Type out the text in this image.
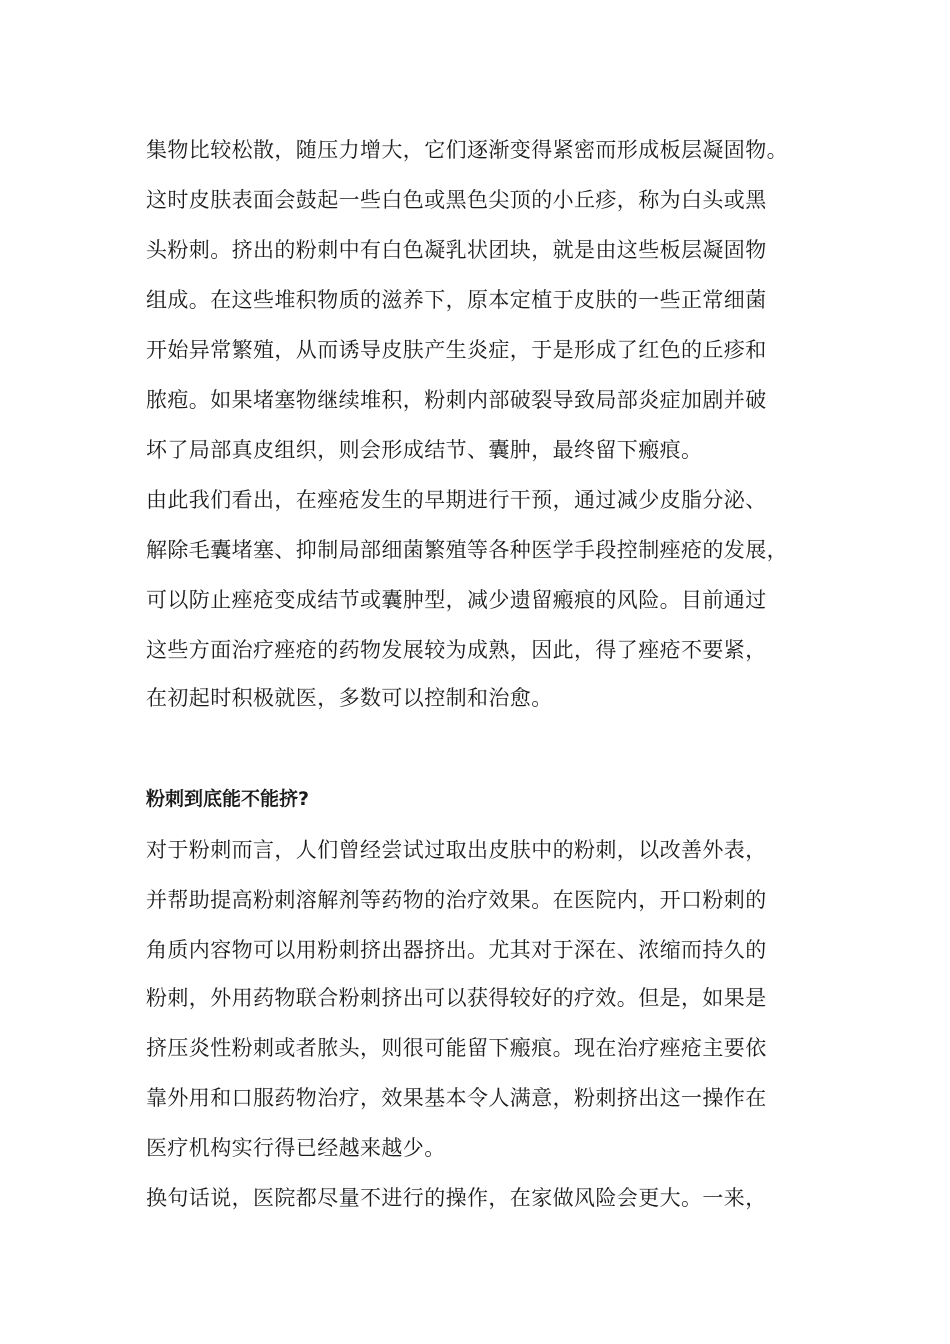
集物比较松散，随压力增大，它们逐渐变得紧密而形成板层凝固物。
这时皮肤表面会鼓起一些白色或黑色尖顶的小丘疹，称为白头或黑
头粉刺。挤出的粉刺中有白色凝乳状团块，就是由这些板层凝固物
组成。在这些堆积物质的滋养下，原本定植于皮肤的一些正常细菌
开始异常繁殖，从而诱导皮肤产生炎症，于是形成了红色的丘疹和
脓疱。如果堵塞物继续堆积，粉刺内部破裂导致局部炎症加剧并破
坏了局部真皮组织，则会形成结节、囊肿，最终留下瘢痕。
由此我们看出，在痤疮发生的早期进行干预，通过减少皮脂分泌、
解除毛囊堵塞、抑制局部细菌繁殖等各种医学手段控制痤疮的发展，
可以防止痤疮变成结节或囊肿型，减少遗留瘢痕的风险。目前通过
这些方面治疗痤疮的药物发展较为成熟，因此，得了痤疮不要紧，
在初起时积极就医，多数可以控制和治愈。
粉刺到底能不能挤?
对于粉刺而言，人们曾经尝试过取出皮肤中的粉刺，以改善外表，
并帮助提高粉刺溶解剂等药物的治疗效果。在医院内，开口粉刺的
角质内容物可以用粉刺挤出器挤出。尤其对于深在、浓缩而持久的
粉刺，外用药物联合粉刺挤出可以获得较好的疗效。但是，如果是
挤压炎性粉刺或者脓头，则很可能留下瘢痕。现在治疗痤疮主要依
靠外用和口服药物治疗，效果基本令人满意，粉刺挤出这一操作在
医疗机构实行得已经越来越少。
换句话说，医院都尽量不进行的操作，在家做风险会更大。一来，
